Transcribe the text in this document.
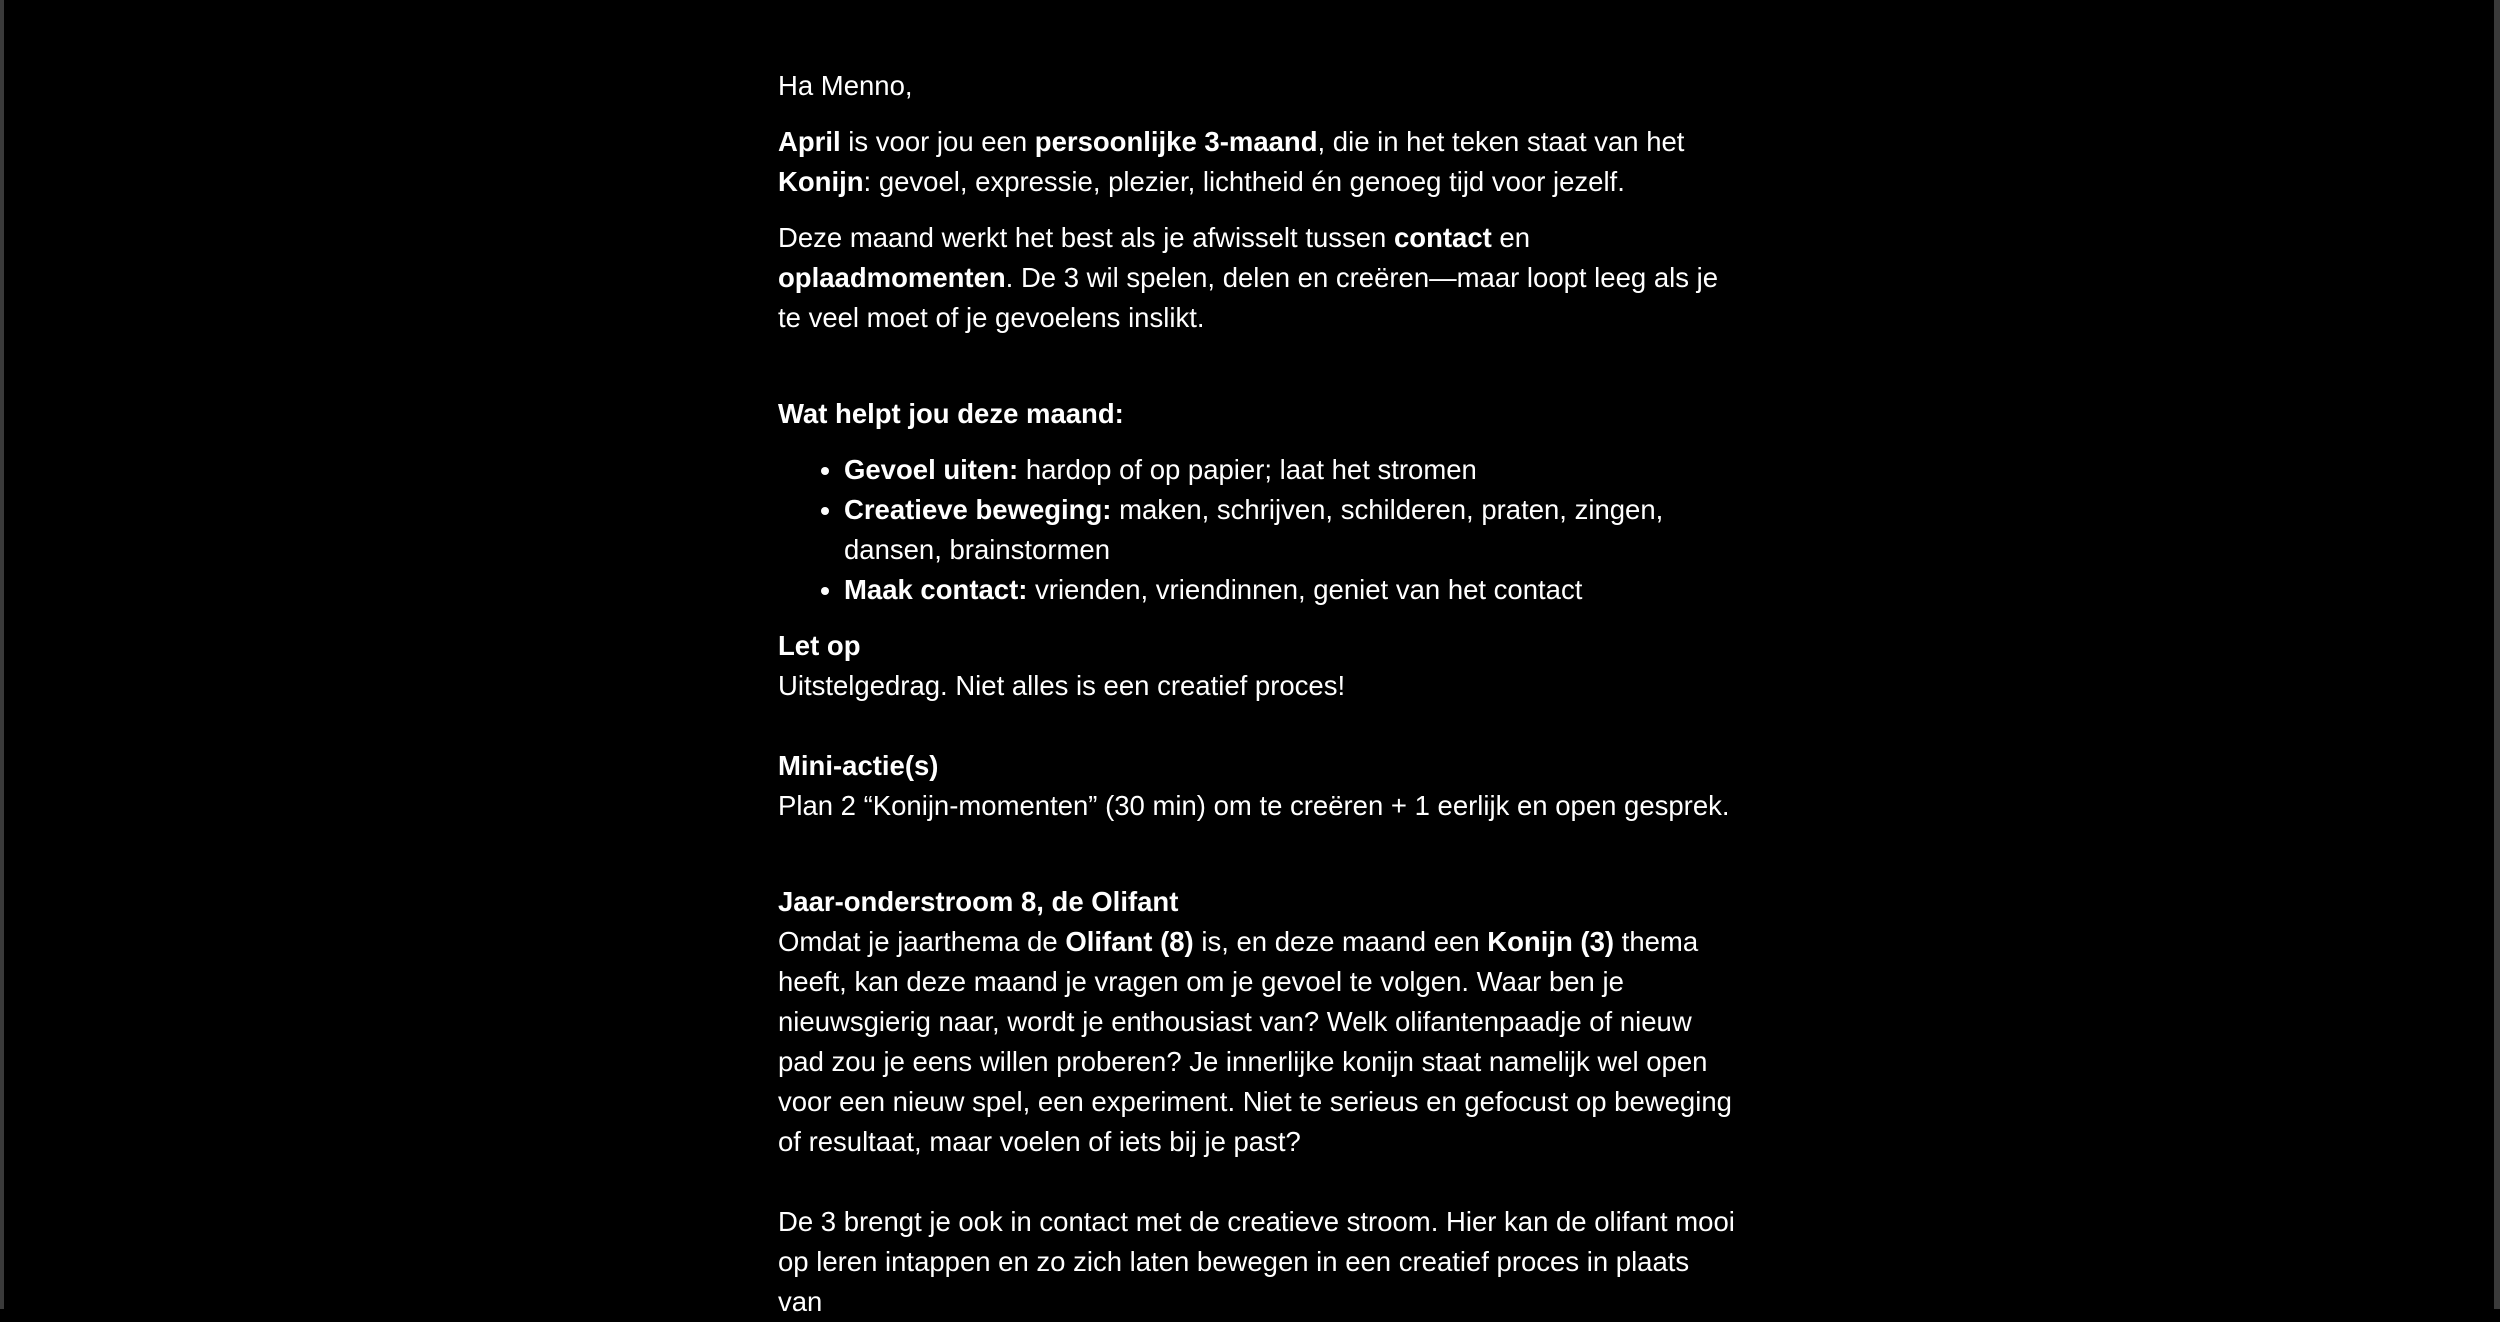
Ha Menno,

April is voor jou een persoonlijke 3-maand, die in het teken staat van het Konijn: gevoel, expressie, plezier, lichtheid én genoeg tijd voor jezelf.

Deze maand werkt het best als je afwisselt tussen contact en oplaadmomenten. De 3 wil spelen, delen en creëren—maar loopt leeg als je te veel moet of je gevoelens inslikt.

Wat helpt jou deze maand:

• Gevoel uiten: hardop of op papier; laat het stromen
• Creatieve beweging: maken, schrijven, schilderen, praten, zingen, dansen, brainstormen
• Maak contact: vrienden, vriendinnen, geniet van het contact

Let op

Uitstelgedrag. Niet alles is een creatief proces!

Mini-actie(s)

Plan 2 “Konijn-momenten” (30 min) om te creëren + 1 eerlijk en open gesprek.

Jaar-onderstroom 8, de Olifant

Omdat je jaarthema de Olifant (8) is, en deze maand een Konijn (3) thema heeft, kan deze maand je vragen om je gevoel te volgen. Waar ben je nieuwsgierig naar, wordt je enthousiast van? Welk olifantenpaadje of nieuw pad zou je eens willen proberen? Je innerlijke konijn staat namelijk wel open voor een nieuw spel, een experiment. Niet te serieus en gefocust op beweging of resultaat, maar voelen of iets bij je past?

De 3 brengt je ook in contact met de creatieve stroom. Hier kan de olifant mooi op leren intappen en zo zich laten bewegen in een creatief proces in plaats van
